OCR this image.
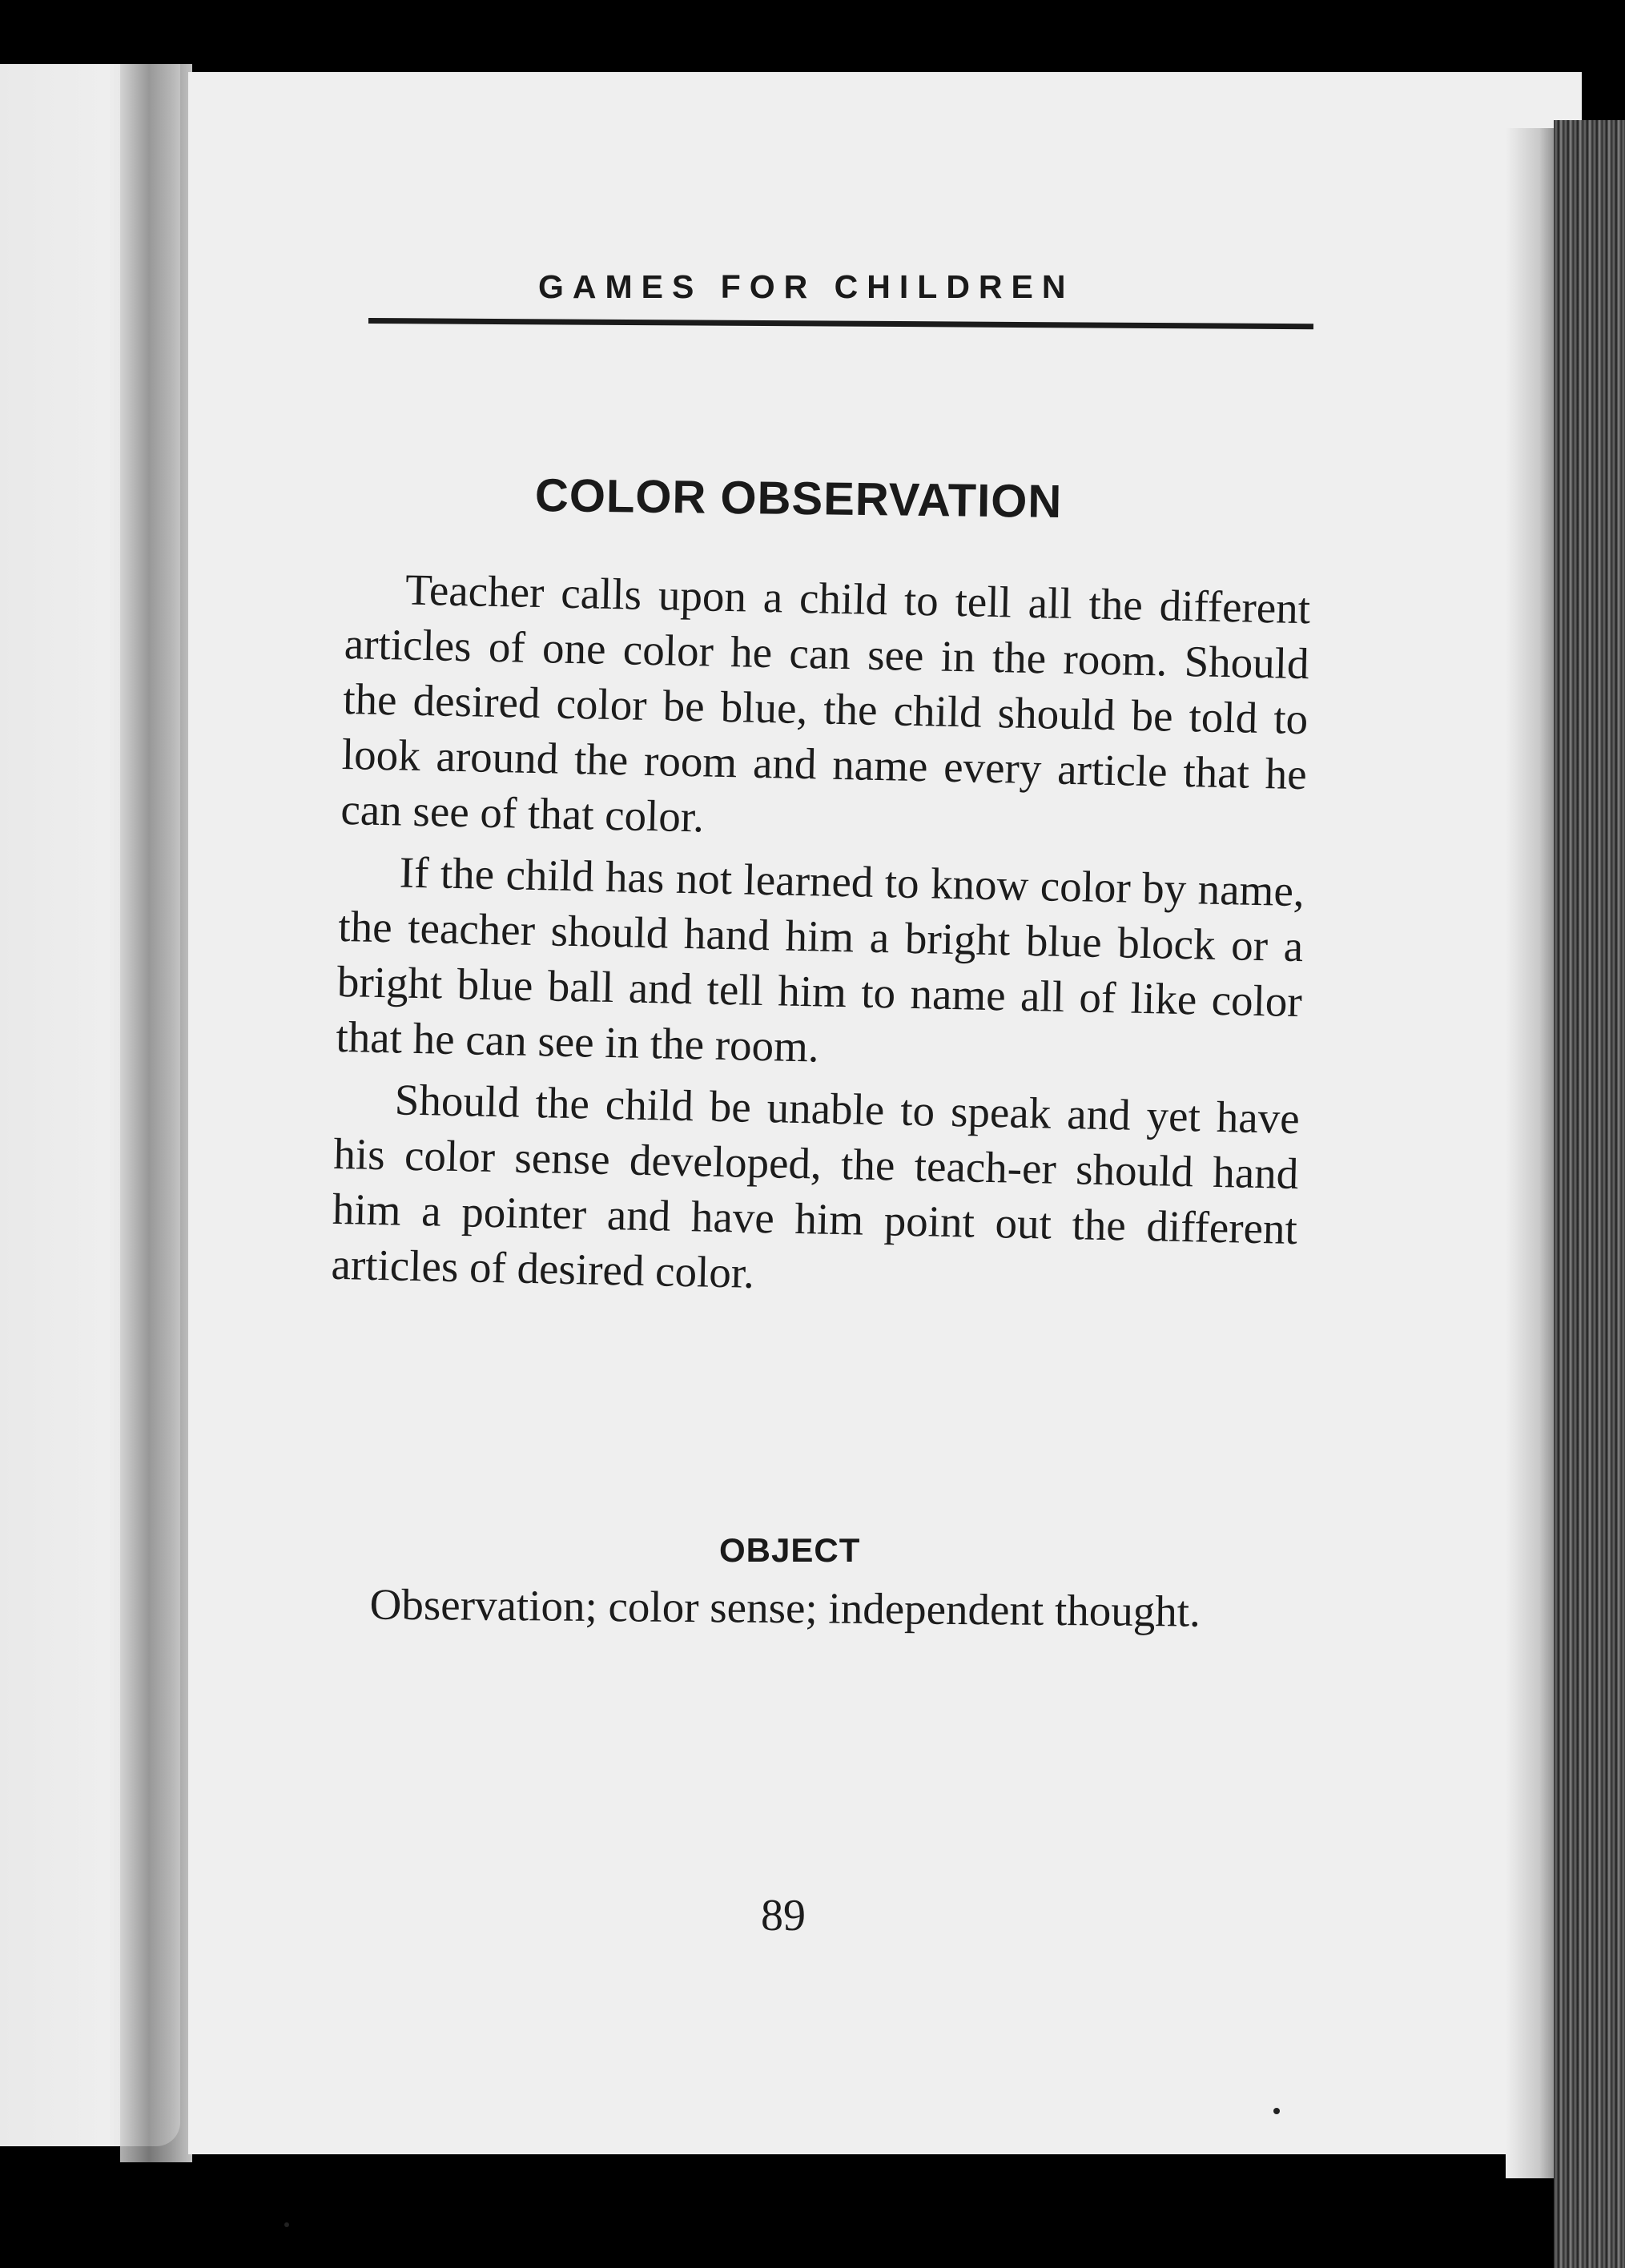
GAMES FOR CHILDREN
COLOR OBSERVATION

Teacher calls upon a child to tell all the different articles of one color he can see in the room. Should the desired color be blue, the child should be told to look around the room and name every article that he can see of that color.

If the child has not learned to know color by name, the teacher should hand him a bright blue block or a bright blue ball and tell him to name all of like color that he can see in the room.

Should the child be unable to speak and yet have his color sense developed, the teach-er should hand him a pointer and have him point out the different articles of desired color.

OBJECT

Observation; color sense; independent thought.

89
